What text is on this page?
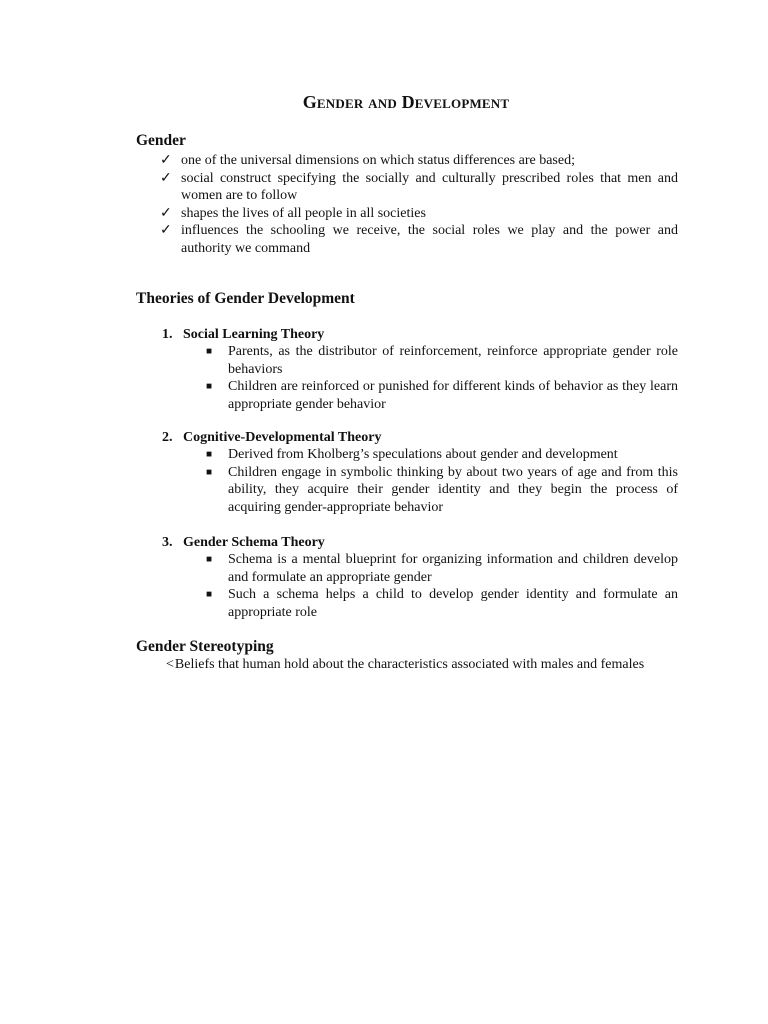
Gender and Development
Gender
✓ one of the universal dimensions on which status differences are based;
✓ social construct specifying the socially and culturally prescribed roles that men and women are to follow
✓ shapes the lives of all people in all societies
✓ influences the schooling we receive, the social roles we play and the power and authority we command
Theories of Gender Development
1. Social Learning Theory
■ Parents, as the distributor of reinforcement, reinforce appropriate gender role behaviors
■ Children are reinforced or punished for different kinds of behavior as they learn appropriate gender behavior
2. Cognitive-Developmental Theory
■ Derived from Kholberg’s speculations about gender and development
■ Children engage in symbolic thinking by about two years of age and from this ability, they acquire their gender identity and they begin the process of acquiring gender-appropriate behavior
3. Gender Schema Theory
■ Schema is a mental blueprint for organizing information and children develop and formulate an appropriate gender
■ Such a schema helps a child to develop gender identity and formulate an appropriate role
Gender Stereotyping
<Beliefs that human hold about the characteristics associated with males and females
